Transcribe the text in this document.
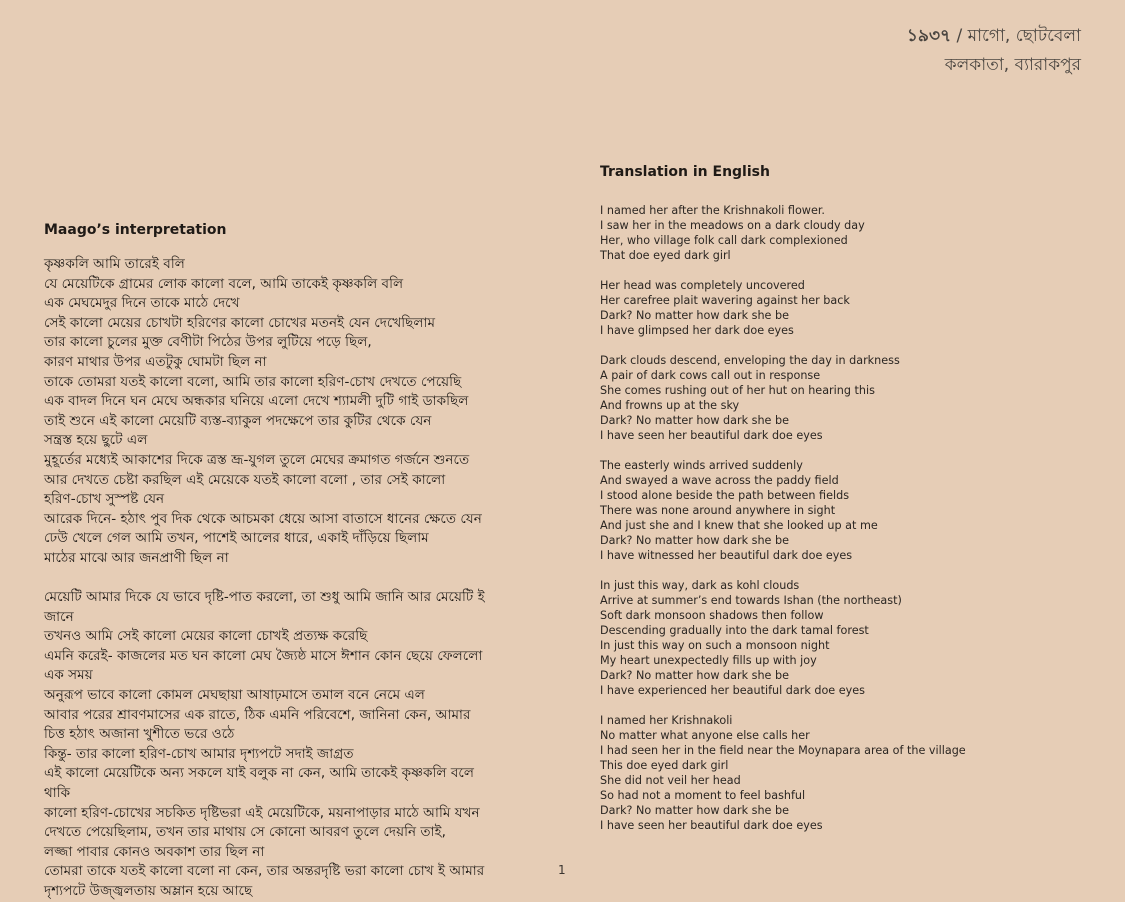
১৯৩৭ / মাগো, ছোটবেলা
কলকাতা, ব্যারাকপুর
Maago’s interpretation
কৃষ্ণকলি আমি তারেই বলি
যে মেয়েটিকে গ্রামের লোক কালো বলে, আমি তাকেই কৃষ্ণকলি বলি
এক মেঘমেদুর দিনে তাকে মাঠে দেখে
সেই কালো মেয়ের চোখটা হরিণের কালো চোখের মতনই যেন দেখেছিলাম
তার কালো চুলের মুক্ত বেণীটা পিঠের উপর লুটিয়ে পড়ে ছিল,
কারণ মাথার উপর এতটুকু ঘোমটা ছিল না
তাকে তোমরা যতই কালো বলো, আমি তার কালো হরিণ-চোখ দেখতে পেয়েছি
এক বাদল দিনে ঘন মেঘে অন্ধকার ঘনিয়ে এলো দেখে শ্যামলী দুটি গাই ডাকছিল
তাই শুনে এই কালো মেয়েটি ব্যস্ত-ব্যাকুল পদক্ষেপে তার কুটির থেকে যেন
সন্ত্রস্ত হয়ে ছুটে এল
মুহূর্তের মধ্যেই আকাশের দিকে ত্রস্ত ভ্রূ-যুগল তুলে মেঘের ক্রমাগত গর্জনে শুনতে
আর দেখতে চেষ্টা করছিল এই মেয়েকে যতই কালো বলো , তার সেই কালো
হরিণ-চোখ সুস্পষ্ট যেন
আরেক দিনে- হঠাৎ পুব দিক থেকে আচমকা ধেয়ে আসা বাতাসে ধানের ক্ষেতে যেন
ঢেউ খেলে গেল আমি তখন, পাশেই আলের ধারে, একাই দাঁড়িয়ে ছিলাম
মাঠের মাঝে আর জনপ্রাণী ছিল না
মেয়েটি আমার দিকে যে ভাবে দৃষ্টি-পাত করলো, তা শুধু আমি জানি আর মেয়েটি ই
জানে
তখনও আমি সেই কালো মেয়ের কালো চোখই প্রত্যক্ষ করেছি
এমনি করেই- কাজলের মত ঘন কালো মেঘ জ্যৈষ্ঠ মাসে ঈশান কোন ছেয়ে ফেললো
এক সময়
অনুরূপ ভাবে কালো কোমল মেঘছায়া আষাঢ়মাসে তমাল বনে নেমে এল
আবার পরের শ্রাবণমাসের এক রাতে, ঠিক এমনি পরিবেশে, জানিনা কেন, আমার
চিত্ত হঠাৎ অজানা খুশীতে ভরে ওঠে
কিন্তু- তার কালো হরিণ-চোখ আমার দৃশ্যপটে সদাই জাগ্রত
এই কালো মেয়েটিকে অন্য সকলে যাই বলুক না কেন, আমি তাকেই কৃষ্ণকলি বলে
থাকি
কালো হরিণ-চোখের সচকিত দৃষ্টিভরা এই মেয়েটিকে, ময়নাপাড়ার মাঠে আমি যখন
দেখতে পেয়েছিলাম, তখন তার মাথায় সে কোনো আবরণ তুলে দেয়নি তাই,
লজ্জা পাবার কোনও অবকাশ তার ছিল না
তোমরা তাকে যতই কালো বলো না কেন, তার অন্তরদৃষ্টি ভরা কালো চোখ ই আমার
দৃশ্যপটে উজ্জ্বলতায় অম্লান হয়ে আছে
Translation in English
I named her after the Krishnakoli flower.
I saw her in the meadows on a dark cloudy day
Her, who village folk call dark complexioned
That doe eyed dark girl
Her head was completely uncovered
Her carefree plait wavering against her back
Dark? No matter how dark she be
I have glimpsed her dark doe eyes
Dark clouds descend, enveloping the day in darkness
A pair of dark cows call out in response
She comes rushing out of her hut on hearing this
And frowns up at the sky
Dark? No matter how dark she be
I have seen her beautiful dark doe eyes
The easterly winds arrived suddenly
And swayed a wave across the paddy field
I stood alone beside the path between fields
There was none around anywhere in sight
And just she and I knew that she looked up at me
Dark? No matter how dark she be
I have witnessed her beautiful dark doe eyes
In just this way, dark as kohl clouds
Arrive at summer’s end towards Ishan (the northeast)
Soft dark monsoon shadows then follow
Descending gradually into the dark tamal forest
In just this way on such a monsoon night
My heart unexpectedly fills up with joy
Dark? No matter how dark she be
I have experienced her beautiful dark doe eyes
I named her Krishnakoli
No matter what anyone else calls her
I had seen her in the field near the Moynapara area of the village
This doe eyed dark girl
She did not veil her head
So had not a moment to feel bashful
Dark? No matter how dark she be
I have seen her beautiful dark doe eyes
1
